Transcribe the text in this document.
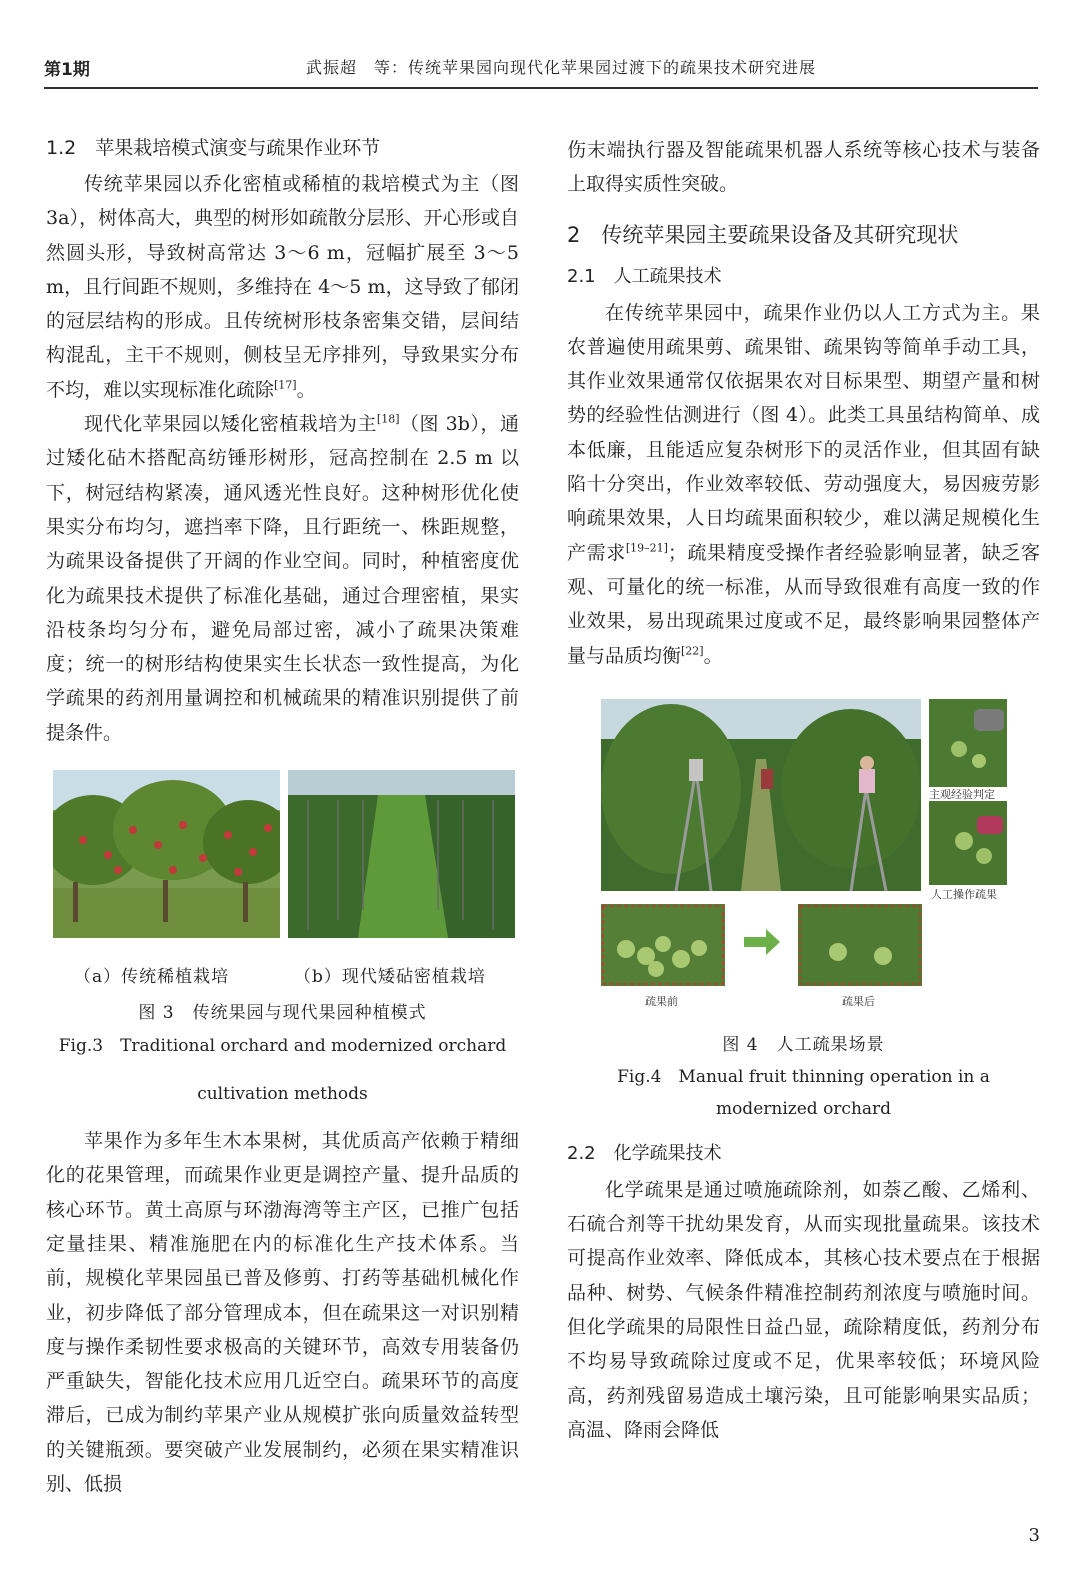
第1期	武振超　等：传统苹果园向现代化苹果园过渡下的疏果技术研究进展
1.2　苹果栽培模式演变与疏果作业环节

传统苹果园以乔化密植或稀植的栽培模式为主（图 3a），树体高大，典型的树形如疏散分层形、开心形或自然圆头形，导致树高常达 3～6 m，冠幅扩展至 3～5 m，且行间距不规则，多维持在 4～5 m，这导致了郁闭的冠层结构的形成。且传统树形枝条密集交错，层间结构混乱，主干不规则，侧枝呈无序排列，导致果实分布不均，难以实现标准化疏除[17]。

现代化苹果园以矮化密植栽培为主[18]（图 3b），通过矮化砧木搭配高纺锤形树形，冠高控制在 2.5 m 以下，树冠结构紧凑，通风透光性良好。这种树形优化使果实分布均匀，遮挡率下降，且行距统一、株距规整，为疏果设备提供了开阔的作业空间。同时，种植密度优化为疏果技术提供了标准化基础，通过合理密植，果实沿枝条均匀分布，避免局部过密，减小了疏果决策难度；统一的树形结构使果实生长状态一致性提高，为化学疏果的药剂用量调控和机械疏果的精准识别提供了前提条件。

（a）传统稀植栽培	（b）现代矮砧密植栽培
图 3　传统果园与现代果园种植模式
Fig.3　Traditional orchard and modernized orchard
cultivation methods

苹果作为多年生木本果树，其优质高产依赖于精细化的花果管理，而疏果作业更是调控产量、提升品质的核心环节。黄土高原与环渤海湾等主产区，已推广包括定量挂果、精准施肥在内的标准化生产技术体系。当前，规模化苹果园虽已普及修剪、打药等基础机械化作业，初步降低了部分管理成本，但在疏果这一对识别精度与操作柔韧性要求极高的关键环节，高效专用装备仍严重缺失，智能化技术应用几近空白。疏果环节的高度滞后，已成为制约苹果产业从规模扩张向质量效益转型的关键瓶颈。要突破产业发展制约，必须在果实精准识别、低损

伤末端执行器及智能疏果机器人系统等核心技术与装备上取得实质性突破。

2　传统苹果园主要疏果设备及其研究现状
2.1　人工疏果技术

在传统苹果园中，疏果作业仍以人工方式为主。果农普遍使用疏果剪、疏果钳、疏果钩等简单手动工具，其作业效果通常仅依据果农对目标果型、期望产量和树势的经验性估测进行（图 4）。此类工具虽结构简单、成本低廉，且能适应复杂树形下的灵活作业，但其固有缺陷十分突出，作业效率较低、劳动强度大，易因疲劳影响疏果效果，人日均疏果面积较少，难以满足规模化生产需求[19–21]；疏果精度受操作者经验影响显著，缺乏客观、可量化的统一标准，从而导致很难有高度一致的作业效果，易出现疏果过度或不足，最终影响果园整体产量与品质均衡[22]。

主观经验判定
人工操作疏果
疏果前	疏果后
图 4　人工疏果场景
Fig.4　Manual fruit thinning operation in a
modernized orchard
2.2　化学疏果技术

化学疏果是通过喷施疏除剂，如萘乙酸、乙烯利、石硫合剂等干扰幼果发育，从而实现批量疏果。该技术可提高作业效率、降低成本，其核心技术要点在于根据品种、树势、气候条件精准控制药剂浓度与喷施时间。但化学疏果的局限性日益凸显，疏除精度低，药剂分布不均易导致疏除过度或不足，优果率较低；环境风险高，药剂残留易造成土壤污染，且可能影响果实品质；高温、降雨会降低

3
